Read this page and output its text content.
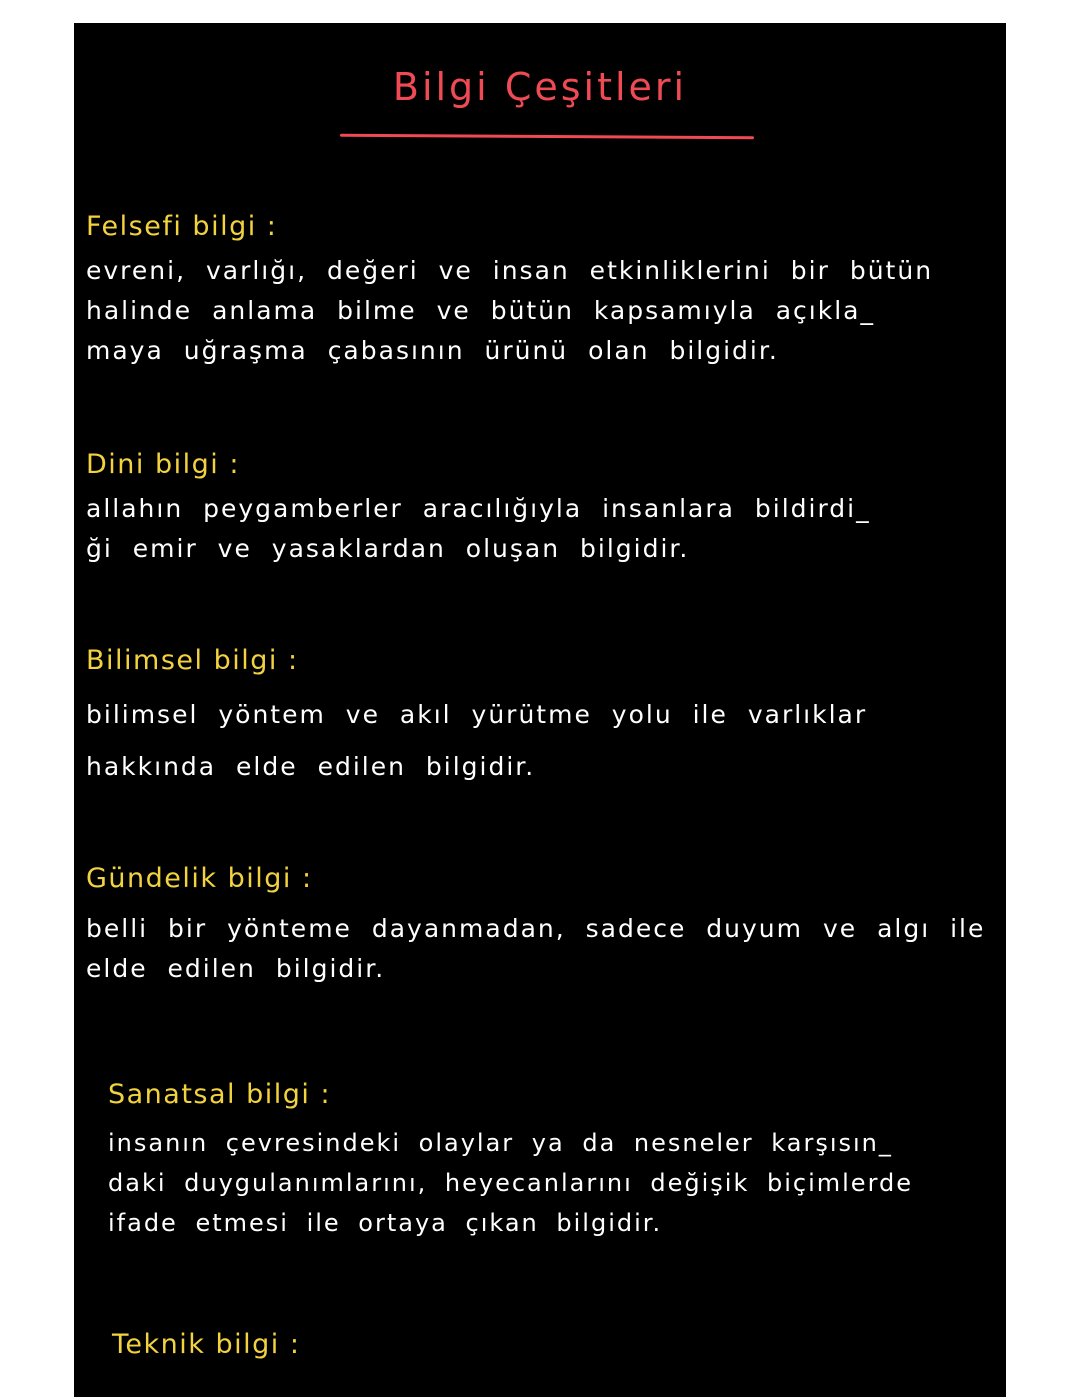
Bilgi Çeşitleri
Felsefi bilgi :

evreni, varlığı, değeri ve insan etkinliklerini bir bütün
halinde anlama bilme ve bütün kapsamıyla açıkla_
maya uğraşma çabasının ürünü olan bilgidir.

Dini bilgi :

allahın peygamberler aracılığıyla insanlara bildirdi_
ği emir ve yasaklardan oluşan bilgidir.

Bilimsel bilgi :

bilimsel yöntem ve akıl yürütme yolu ile varlıklar
hakkında elde edilen bilgidir.

Gündelik bilgi :

belli bir yönteme dayanmadan, sadece duyum ve algı ile
elde edilen bilgidir.

Sanatsal bilgi :

insanın çevresindeki olaylar ya da nesneler karşısın_
daki duygulanımlarını, heyecanlarını değişik biçimlerde
ifade etmesi ile ortaya çıkan bilgidir.

Teknik bilgi :
